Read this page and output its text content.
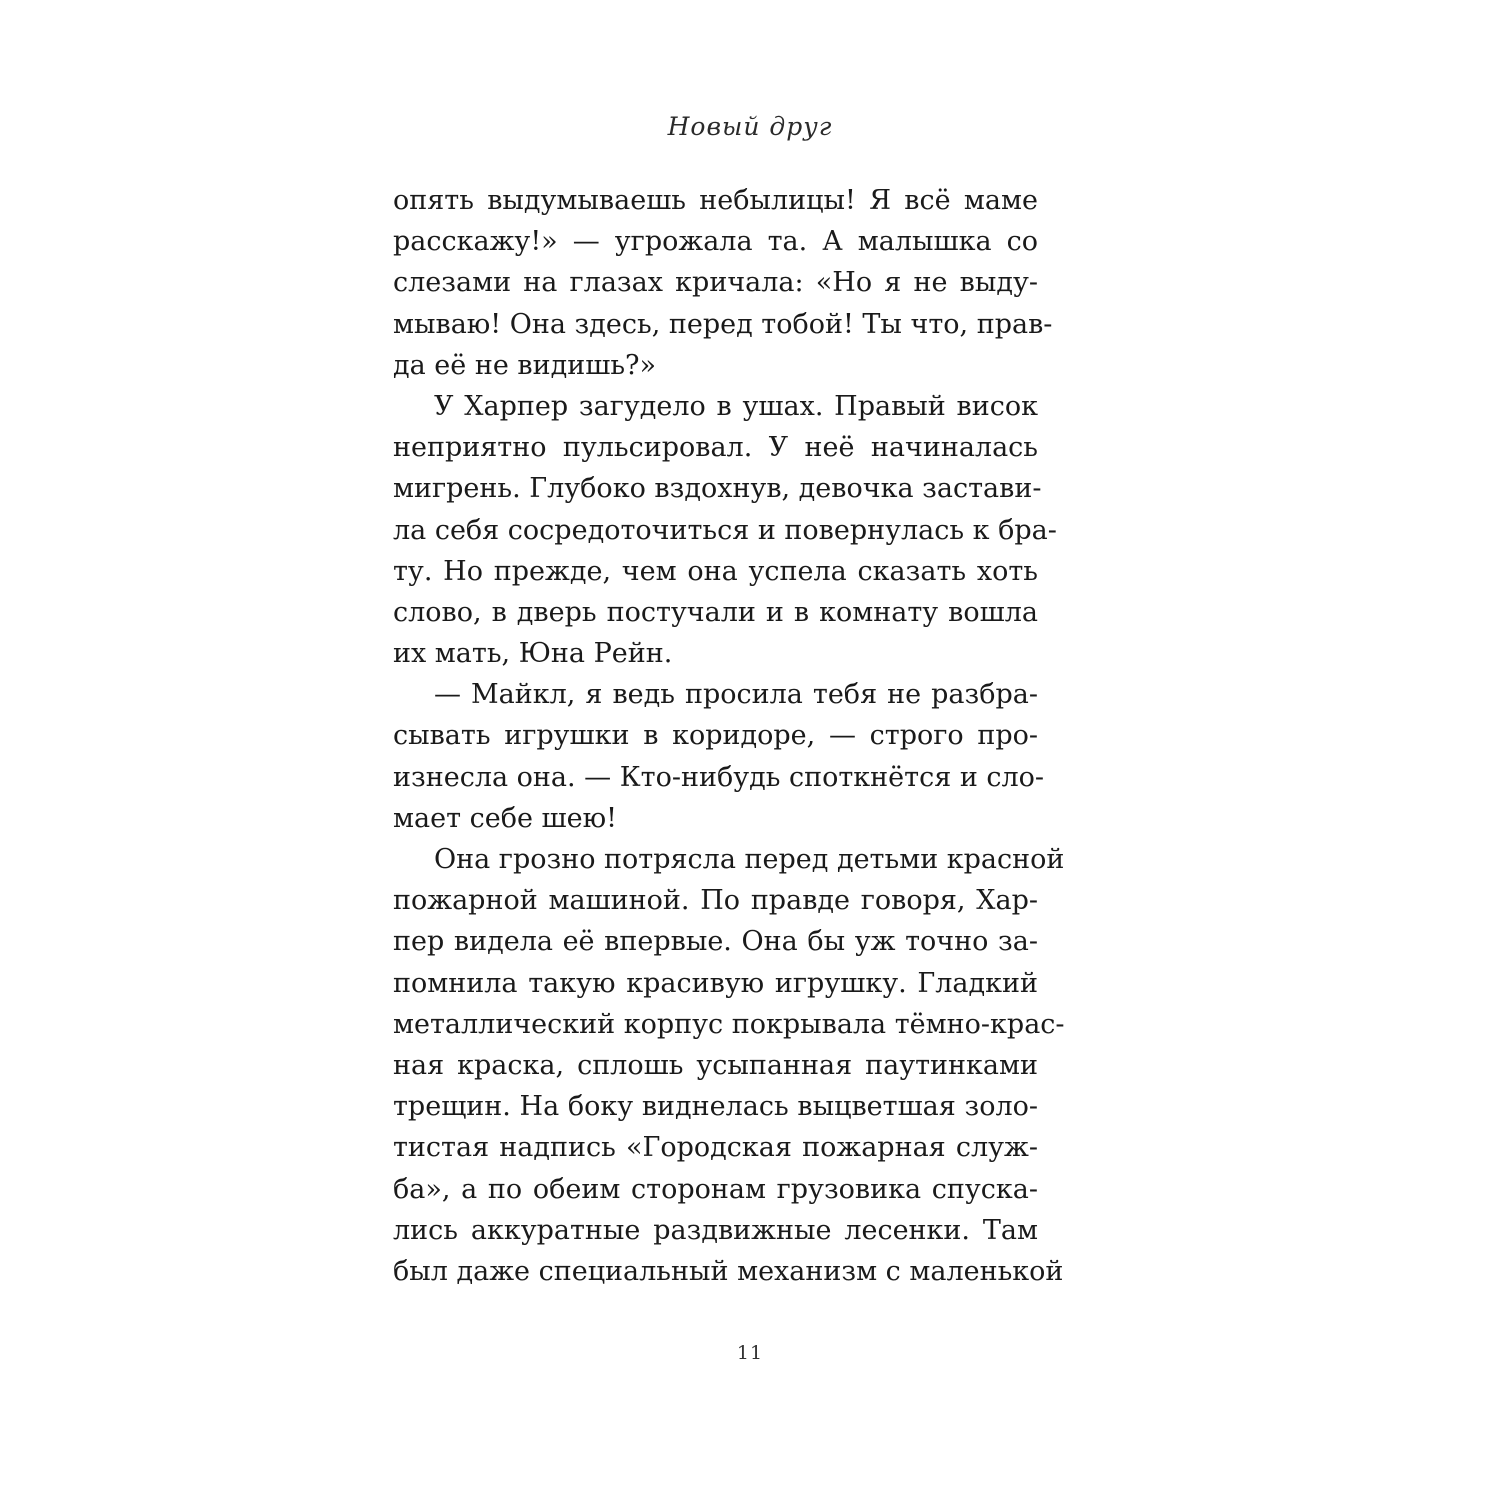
Новый друг
опять выдумываешь небылицы! Я всё маме
расскажу!» — угрожала та. А малышка со
слезами на глазах кричала: «Но я не выду-
мываю! Она здесь, перед тобой! Ты что, прав-
да её не видишь?»
У Харпер загудело в ушах. Правый висок
неприятно пульсировал. У неё начиналась
мигрень. Глубоко вздохнув, девочка застави-
ла себя сосредоточиться и повернулась к бра-
ту. Но прежде, чем она успела сказать хоть
слово, в дверь постучали и в комнату вошла
их мать, Юна Рейн.
— Майкл, я ведь просила тебя не разбра-
сывать игрушки в коридоре, — строго про-
изнесла она. — Кто-нибудь споткнётся и сло-
мает себе шею!
Она грозно потрясла перед детьми красной
пожарной машиной. По правде говоря, Хар-
пер видела её впервые. Она бы уж точно за-
помнила такую красивую игрушку. Гладкий
металлический корпус покрывала тёмно-крас-
ная краска, сплошь усыпанная паутинками
трещин. На боку виднелась выцветшая золо-
тистая надпись «Городская пожарная служ-
ба», а по обеим сторонам грузовика спуска-
лись аккуратные раздвижные лесенки. Там
был даже специальный механизм с маленькой
11
